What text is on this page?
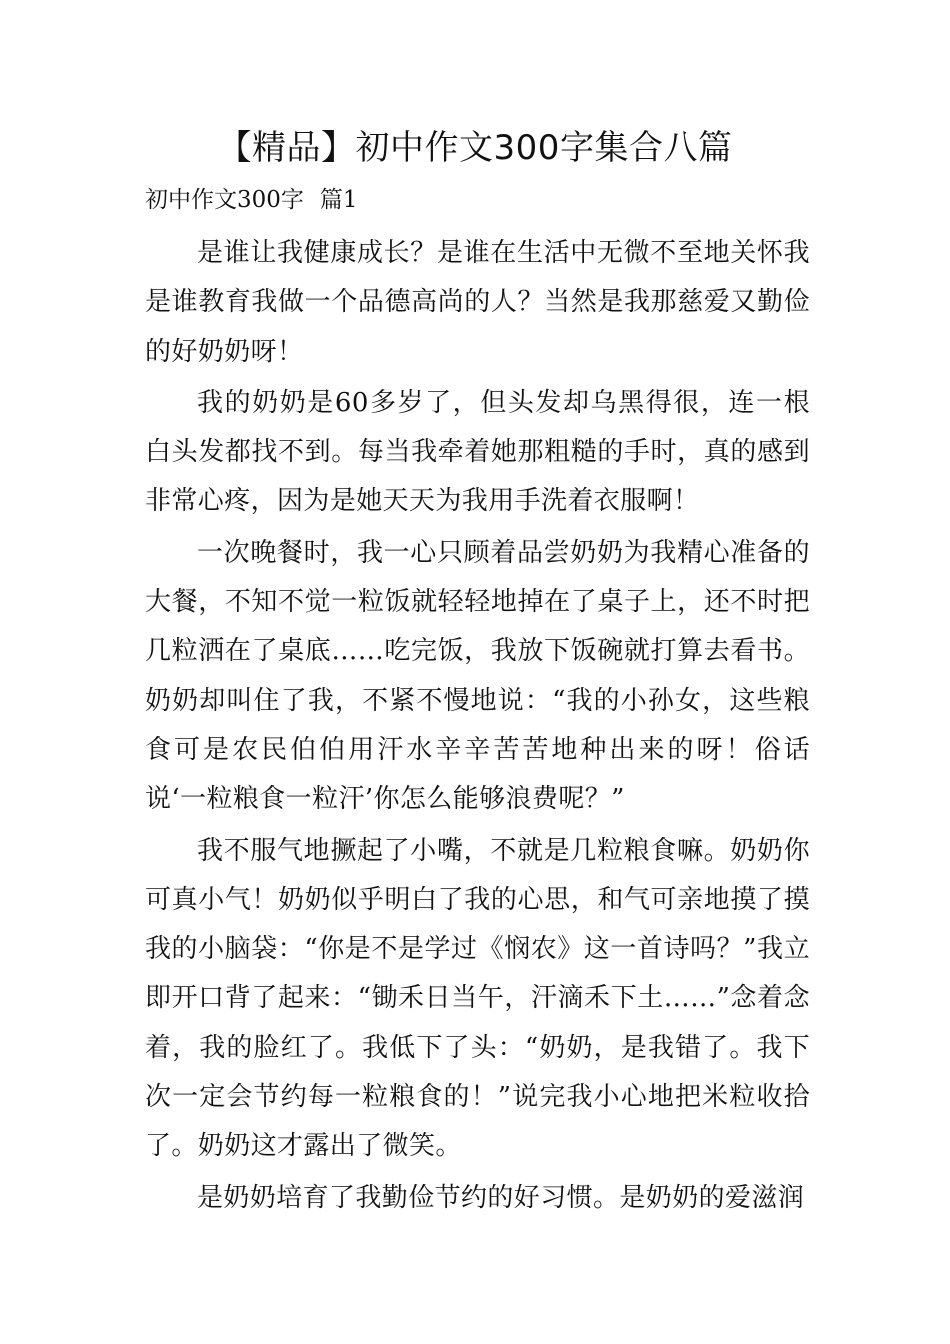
【精品】初中作文300字集合八篇
初中作文300字 篇1

是谁让我健康成长？是谁在生活中无微不至地关怀我是谁教育我做一个品德高尚的人？当然是我那慈爱又勤俭的好奶奶呀！

我的奶奶是60多岁了，但头发却乌黑得很，连一根白头发都找不到。每当我牵着她那粗糙的手时，真的感到非常心疼，因为是她天天为我用手洗着衣服啊！

一次晚餐时，我一心只顾着品尝奶奶为我精心准备的大餐，不知不觉一粒饭就轻轻地掉在了桌子上，还不时把几粒洒在了桌底……吃完饭，我放下饭碗就打算去看书。奶奶却叫住了我，不紧不慢地说：“我的小孙女，这些粮食可是农民伯伯用汗水辛辛苦苦地种出来的呀！俗话说‘一粒粮食一粒汗’你怎么能够浪费呢？”

我不服气地撅起了小嘴，不就是几粒粮食嘛。奶奶你可真小气！奶奶似乎明白了我的心思，和气可亲地摸了摸我的小脑袋：“你是不是学过《悯农》这一首诗吗？”我立即开口背了起来：“锄禾日当午，汗滴禾下土……”念着念着，我的脸红了。我低下了头：“奶奶，是我错了。我下次一定会节约每一粒粮食的！”说完我小心地把米粒收拾了。奶奶这才露出了微笑。

是奶奶培育了我勤俭节约的好习惯。是奶奶的爱滋润
